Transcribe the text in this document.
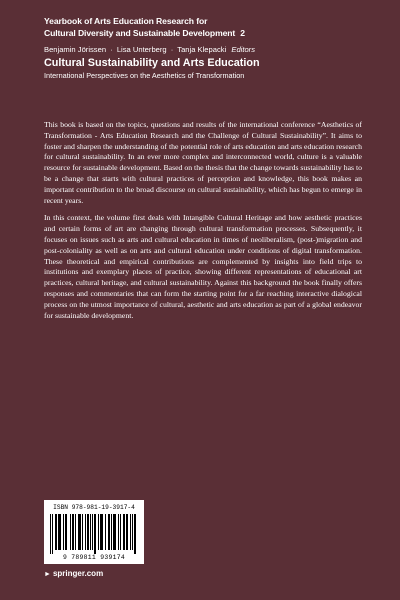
Yearbook of Arts Education Research for
Cultural Diversity and Sustainable Development 2
Benjamin Jörissen · Lisa Unterberg · Tanja Klepacki Editors
Cultural Sustainability and Arts Education
International Perspectives on the Aesthetics of Transformation

This book is based on the topics, questions and results of the international conference “Aesthetics of Transformation - Arts Education Research and the Challenge of Cultural Sustainability”. It aims to foster and sharpen the understanding of the potential role of arts education and arts education research for cultural sustainability. In an ever more complex and interconnected world, culture is a valuable resource for sustainable development. Based on the thesis that the change towards sustainability has to be a change that starts with cultural practices of perception and knowledge, this book makes an important contribution to the broad discourse on cultural sustainability, which has begun to emerge in recent years.

In this context, the volume first deals with Intangible Cultural Heritage and how aesthetic practices and certain forms of art are changing through cultural transformation processes. Subsequently, it focuses on issues such as arts and cultural education in times of neoliberalism, (post-)migration and post-coloniality as well as on arts and cultural education under conditions of digital transformation. These theoretical and empirical contributions are complemented by insights into field trips to institutions and exemplary places of practice, showing different representations of educational art practices, cultural heritage, and cultural sustainability. Against this background the book finally offers responses and commentaries that can form the starting point for a far reaching interactive dialogical process on the utmost importance of cultural, aesthetic and arts education as part of a global endeavor for sustainable development.

ISBN 978-981-19-3917-4
9 789811 939174
► springer.com
